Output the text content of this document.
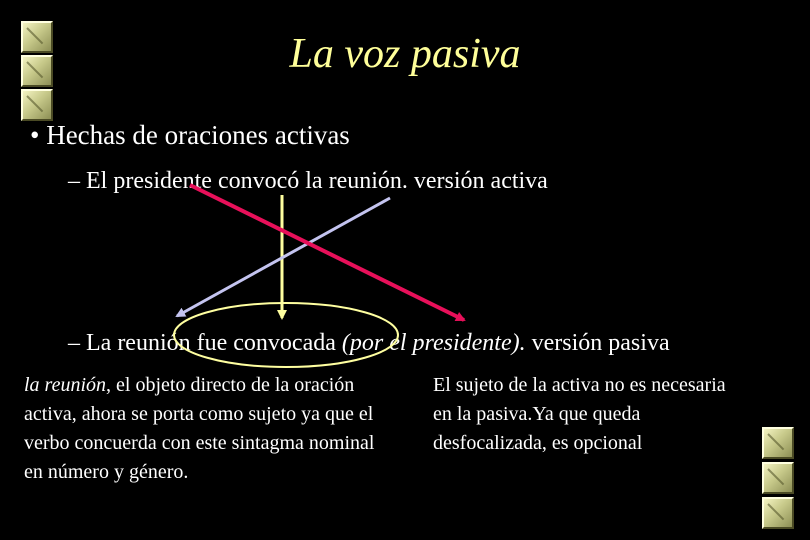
La voz pasiva
• Hechas de oraciones activas
– El presidente convocó la reunión. versión activa
– La reunión fue convocada (por el presidente). versión pasiva
la reunión, el objeto directo de la oración activa, ahora se porta como sujeto ya que el verbo concuerda con este sintagma nominal en número y género.
El sujeto de la activa no es necesaria en la pasiva.Ya que queda desfocalizada, es opcional
